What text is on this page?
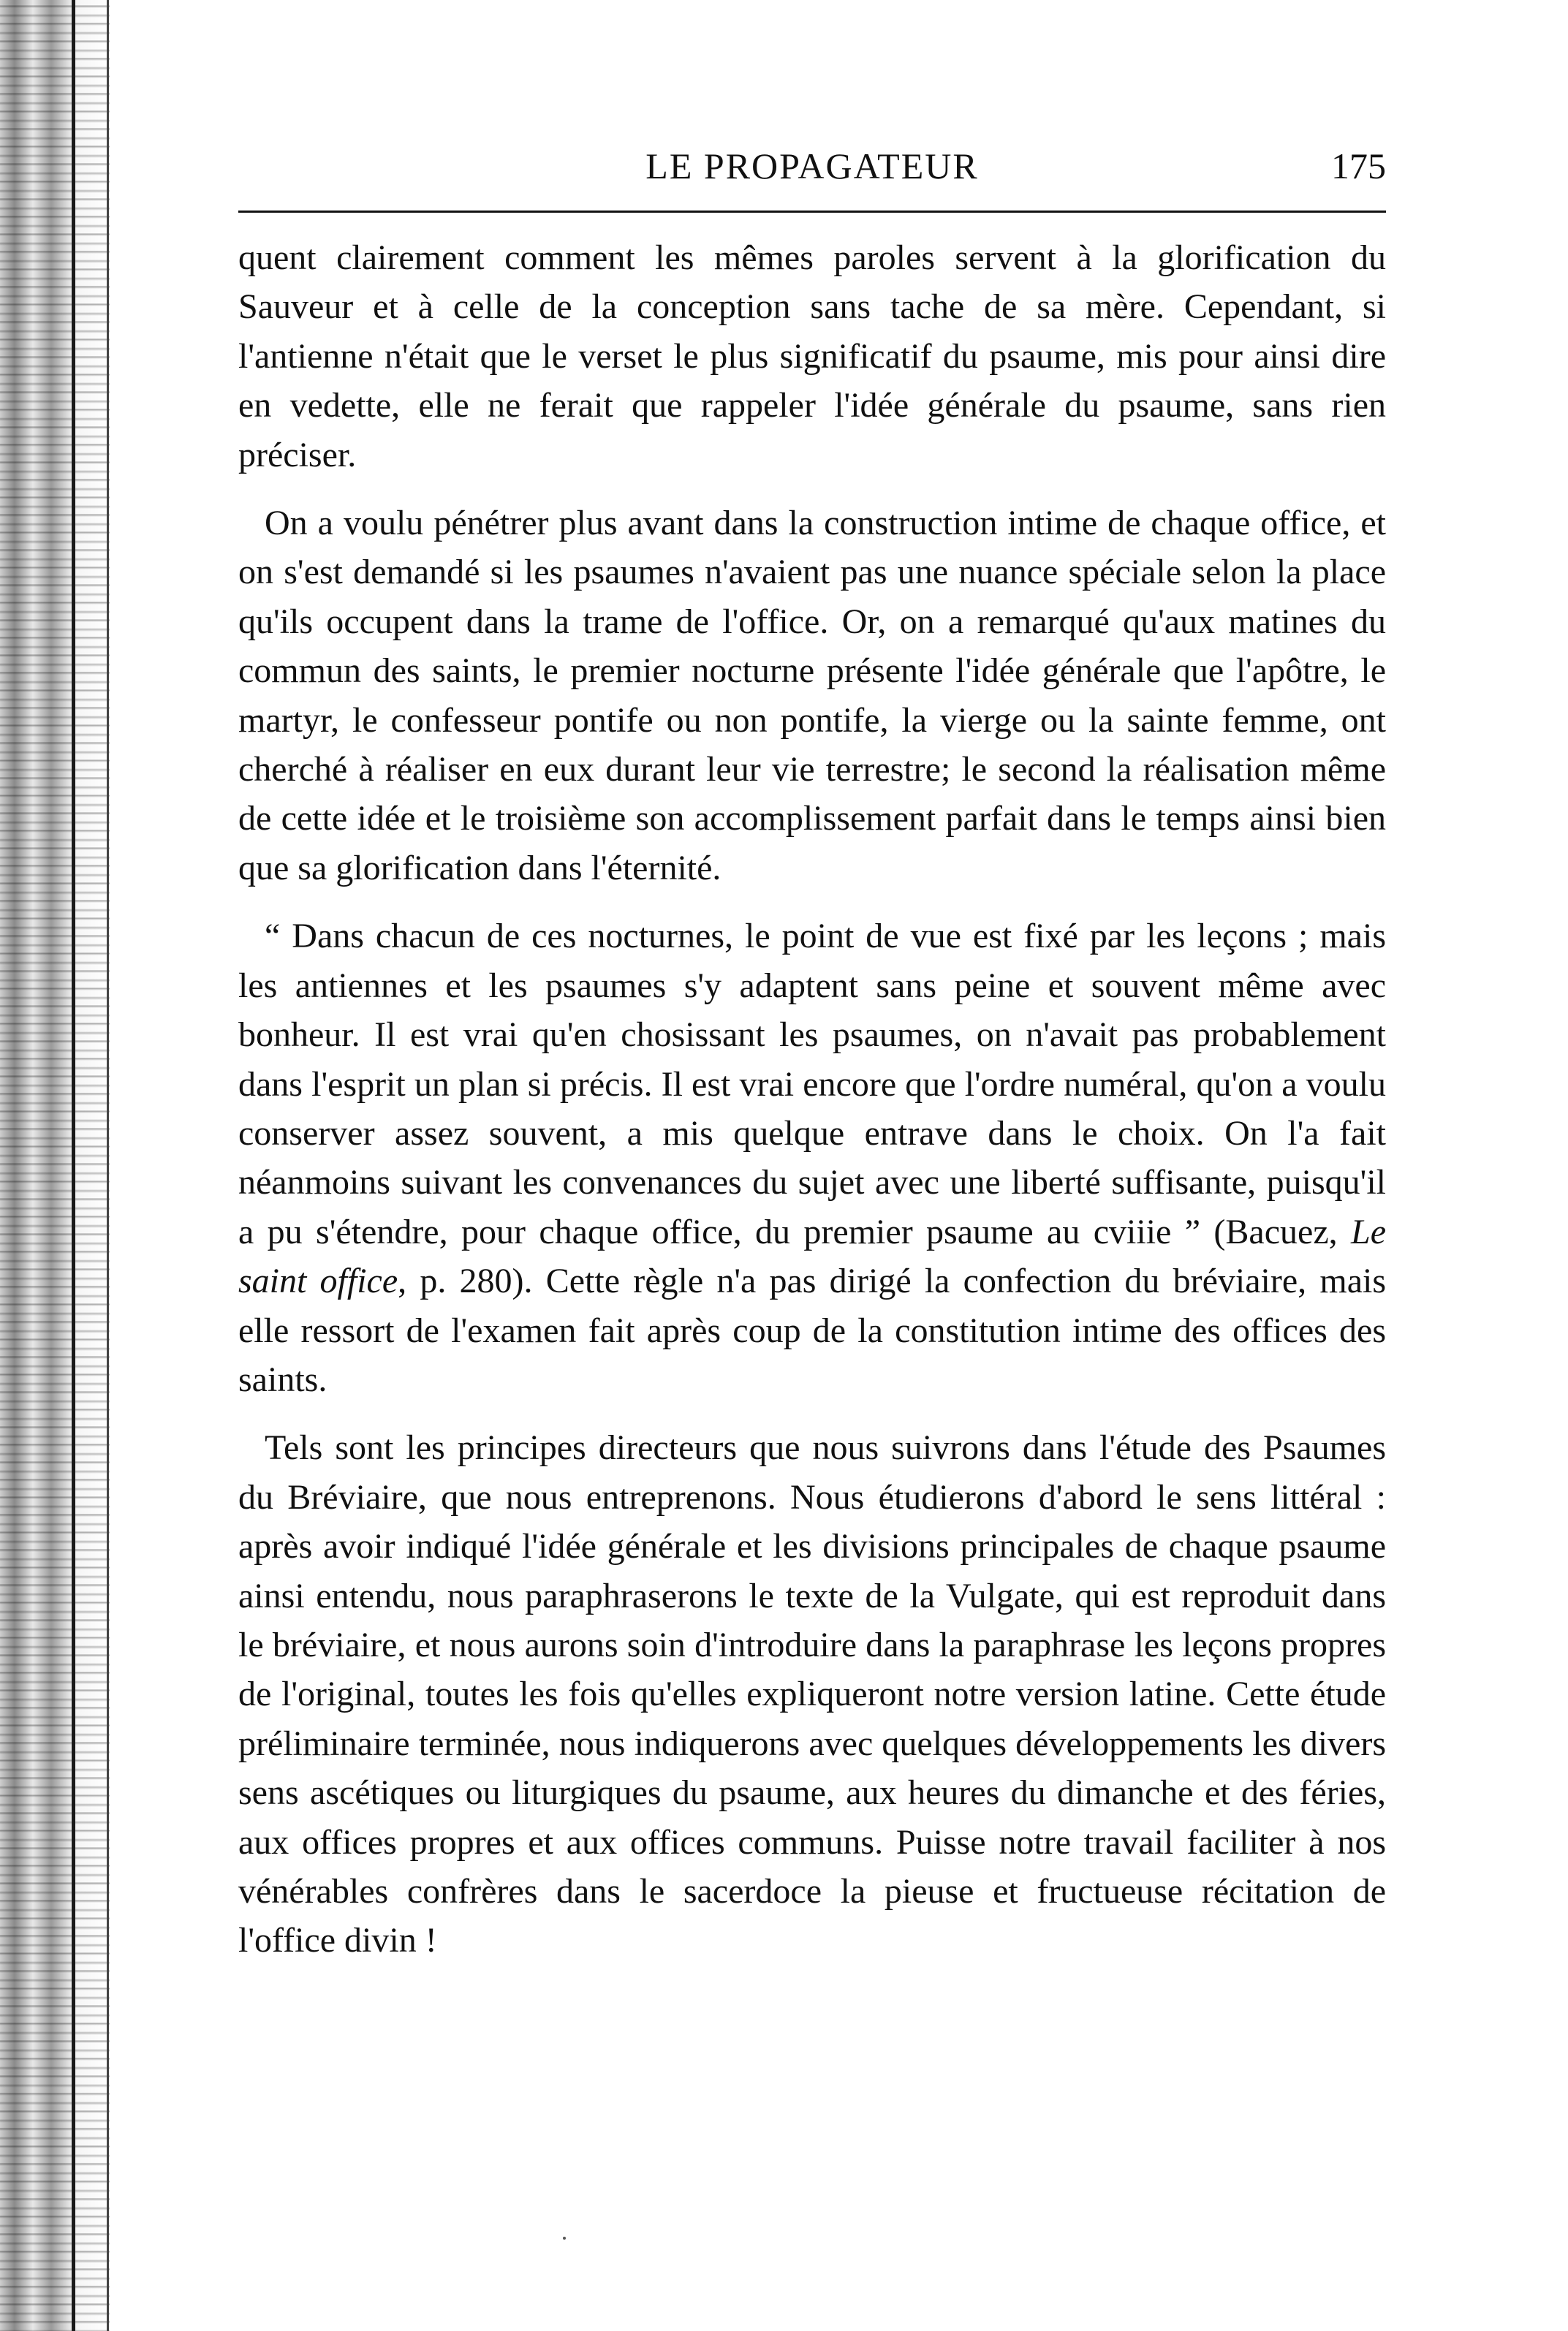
LE PROPAGATEUR	175

quent clairement comment les mêmes paroles servent à la glorification du Sauveur et à celle de la conception sans tache de sa mère. Cependant, si l'antienne n'était que le verset le plus significatif du psaume, mis pour ainsi dire en vedette, elle ne ferait que rappeler l'idée générale du psaume, sans rien préciser.

On a voulu pénétrer plus avant dans la construction intime de chaque office, et on s'est demandé si les psaumes n'avaient pas une nuance spéciale selon la place qu'ils occupent dans la trame de l'office. Or, on a remarqué qu'aux matines du commun des saints, le premier nocturne présente l'idée générale que l'apôtre, le martyr, le confesseur pontife ou non pontife, la vierge ou la sainte femme, ont cherché à réaliser en eux durant leur vie terrestre; le second la réalisation même de cette idée et le troisième son accomplissement parfait dans le temps ainsi bien que sa glorification dans l'éternité.

“ Dans chacun de ces nocturnes, le point de vue est fixé par les leçons ; mais les antiennes et les psaumes s'y adaptent sans peine et souvent même avec bonheur. Il est vrai qu'en chosissant les psaumes, on n'avait pas probablement dans l'esprit un plan si précis. Il est vrai encore que l'ordre numéral, qu'on a voulu conserver assez souvent, a mis quelque entrave dans le choix. On l'a fait néanmoins suivant les convenances du sujet avec une liberté suffisante, puisqu'il a pu s'étendre, pour chaque office, du premier psaume au cviiie ” (Bacuez, Le saint office, p. 280). Cette règle n'a pas dirigé la confection du bréviaire, mais elle ressort de l'examen fait après coup de la constitution intime des offices des saints.

Tels sont les principes directeurs que nous suivrons dans l'étude des Psaumes du Bréviaire, que nous entreprenons. Nous étudierons d'abord le sens littéral : après avoir indiqué l'idée générale et les divisions principales de chaque psaume ainsi entendu, nous paraphraserons le texte de la Vulgate, qui est reproduit dans le bréviaire, et nous aurons soin d'introduire dans la paraphrase les leçons propres de l'original, toutes les fois qu'elles expliqueront notre version latine. Cette étude préliminaire terminée, nous indiquerons avec quelques développements les divers sens ascétiques ou liturgiques du psaume, aux heures du dimanche et des féries, aux offices propres et aux offices communs. Puisse notre travail faciliter à nos vénérables confrères dans le sacerdoce la pieuse et fructueuse récitation de l'office divin !
